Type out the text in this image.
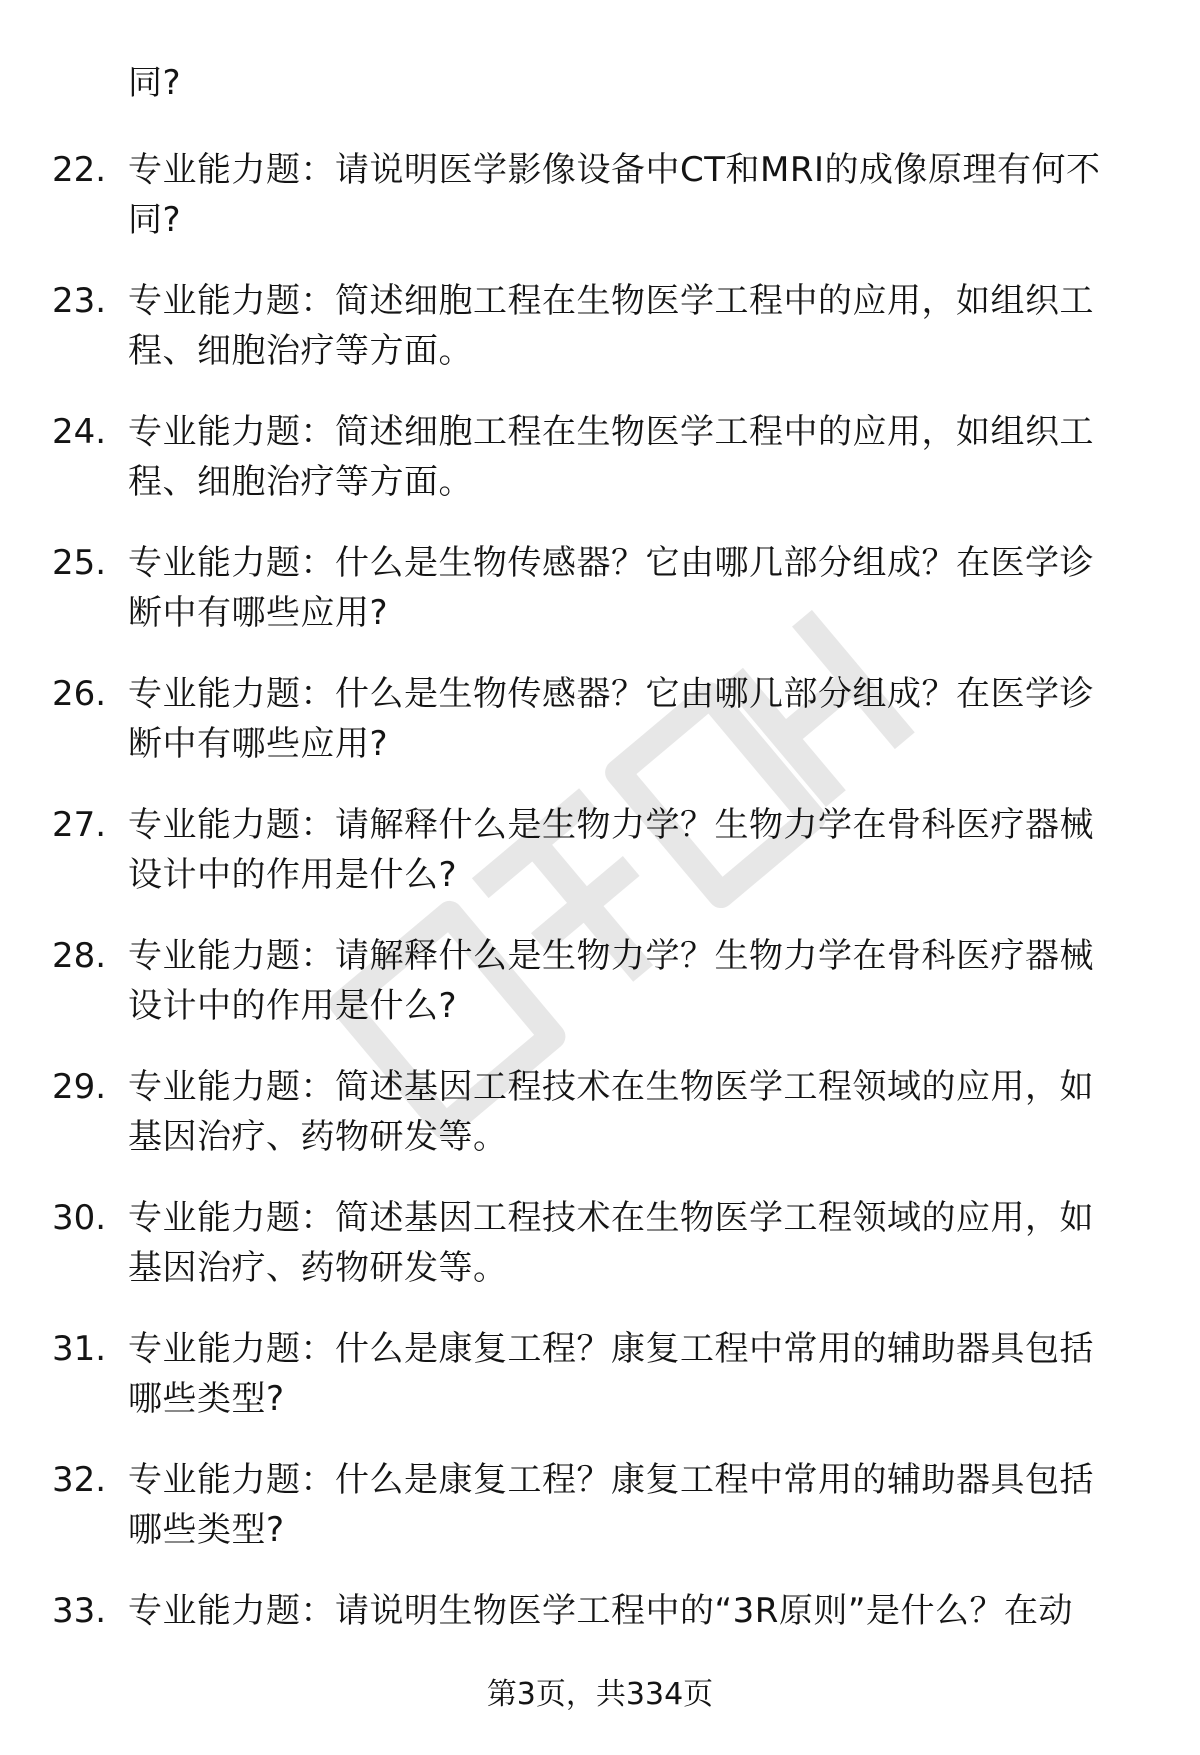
同?
22. 专业能力题：请说明医学影像设备中CT和MRI的成像原理有何不
同?
23. 专业能力题：简述细胞工程在生物医学工程中的应用，如组织工
程、细胞治疗等方面。
24. 专业能力题：简述细胞工程在生物医学工程中的应用，如组织工
程、细胞治疗等方面。
25. 专业能力题：什么是生物传感器？它由哪几部分组成？在医学诊
断中有哪些应用?
26. 专业能力题：什么是生物传感器？它由哪几部分组成？在医学诊
断中有哪些应用?
27. 专业能力题：请解释什么是生物力学？生物力学在骨科医疗器械
设计中的作用是什么?
28. 专业能力题：请解释什么是生物力学？生物力学在骨科医疗器械
设计中的作用是什么?
29. 专业能力题：简述基因工程技术在生物医学工程领域的应用，如
基因治疗、药物研发等。
30. 专业能力题：简述基因工程技术在生物医学工程领域的应用，如
基因治疗、药物研发等。
31. 专业能力题：什么是康复工程？康复工程中常用的辅助器具包括
哪些类型?
32. 专业能力题：什么是康复工程？康复工程中常用的辅助器具包括
哪些类型?
33. 专业能力题：请说明生物医学工程中的“3R原则”是什么？在动
第3页，共334页
